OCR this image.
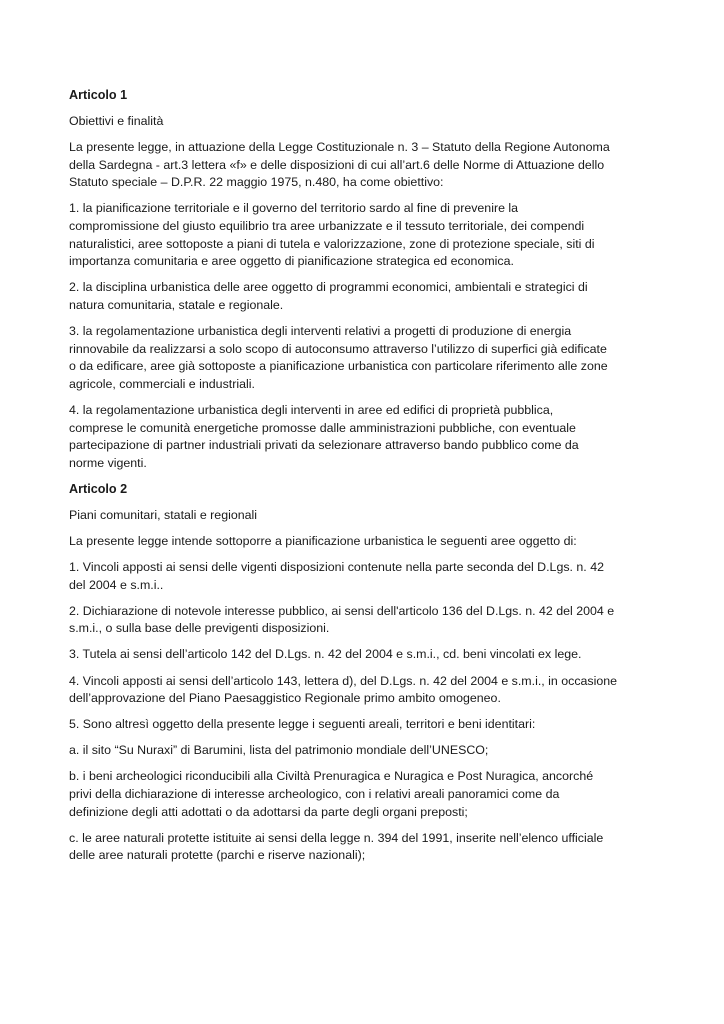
Articolo 1

Obiettivi e finalità

La presente legge, in attuazione della Legge Costituzionale n. 3 – Statuto della Regione Autonoma
della Sardegna - art.3 lettera «f» e delle disposizioni di cui all’art.6 delle Norme di Attuazione dello
Statuto speciale – D.P.R. 22 maggio 1975, n.480, ha come obiettivo:

1. la pianificazione territoriale e il governo del territorio sardo al fine di prevenire la
compromissione del giusto equilibrio tra aree urbanizzate e il tessuto territoriale, dei compendi
naturalistici, aree sottoposte a piani di tutela e valorizzazione, zone di protezione speciale, siti di
importanza comunitaria e aree oggetto di pianificazione strategica ed economica.

2. la disciplina urbanistica delle aree oggetto di programmi economici, ambientali e strategici di
natura comunitaria, statale e regionale.

3. la regolamentazione urbanistica degli interventi relativi a progetti di produzione di energia
rinnovabile da realizzarsi a solo scopo di autoconsumo attraverso l’utilizzo di superfici già edificate
o da edificare, aree già sottoposte a pianificazione urbanistica con particolare riferimento alle zone
agricole, commerciali e industriali.

4. la regolamentazione urbanistica degli interventi in aree ed edifici di proprietà pubblica,
comprese le comunità energetiche promosse dalle amministrazioni pubbliche, con eventuale
partecipazione di partner industriali privati da selezionare attraverso bando pubblico come da
norme vigenti.

Articolo 2

Piani comunitari, statali e regionali

La presente legge intende sottoporre a pianificazione urbanistica le seguenti aree oggetto di:

1. Vincoli apposti ai sensi delle vigenti disposizioni contenute nella parte seconda del D.Lgs. n. 42
del 2004 e s.m.i..

2. Dichiarazione di notevole interesse pubblico, ai sensi dell'articolo 136 del D.Lgs. n. 42 del 2004 e
s.m.i., o sulla base delle previgenti disposizioni.

3. Tutela ai sensi dell’articolo 142 del D.Lgs. n. 42 del 2004 e s.m.i., cd. beni vincolati ex lege.

4. Vincoli apposti ai sensi dell’articolo 143, lettera d), del D.Lgs. n. 42 del 2004 e s.m.i., in occasione
dell’approvazione del Piano Paesaggistico Regionale primo ambito omogeneo.

5. Sono altresì oggetto della presente legge i seguenti areali, territori e beni identitari:

a. il sito “Su Nuraxi” di Barumini, lista del patrimonio mondiale dell’UNESCO;

b. i beni archeologici riconducibili alla Civiltà Prenuragica e Nuragica e Post Nuragica, ancorché
privi della dichiarazione di interesse archeologico, con i relativi areali panoramici come da
definizione degli atti adottati o da adottarsi da parte degli organi preposti;

c. le aree naturali protette istituite ai sensi della legge n. 394 del 1991, inserite nell’elenco ufficiale
delle aree naturali protette (parchi e riserve nazionali);
